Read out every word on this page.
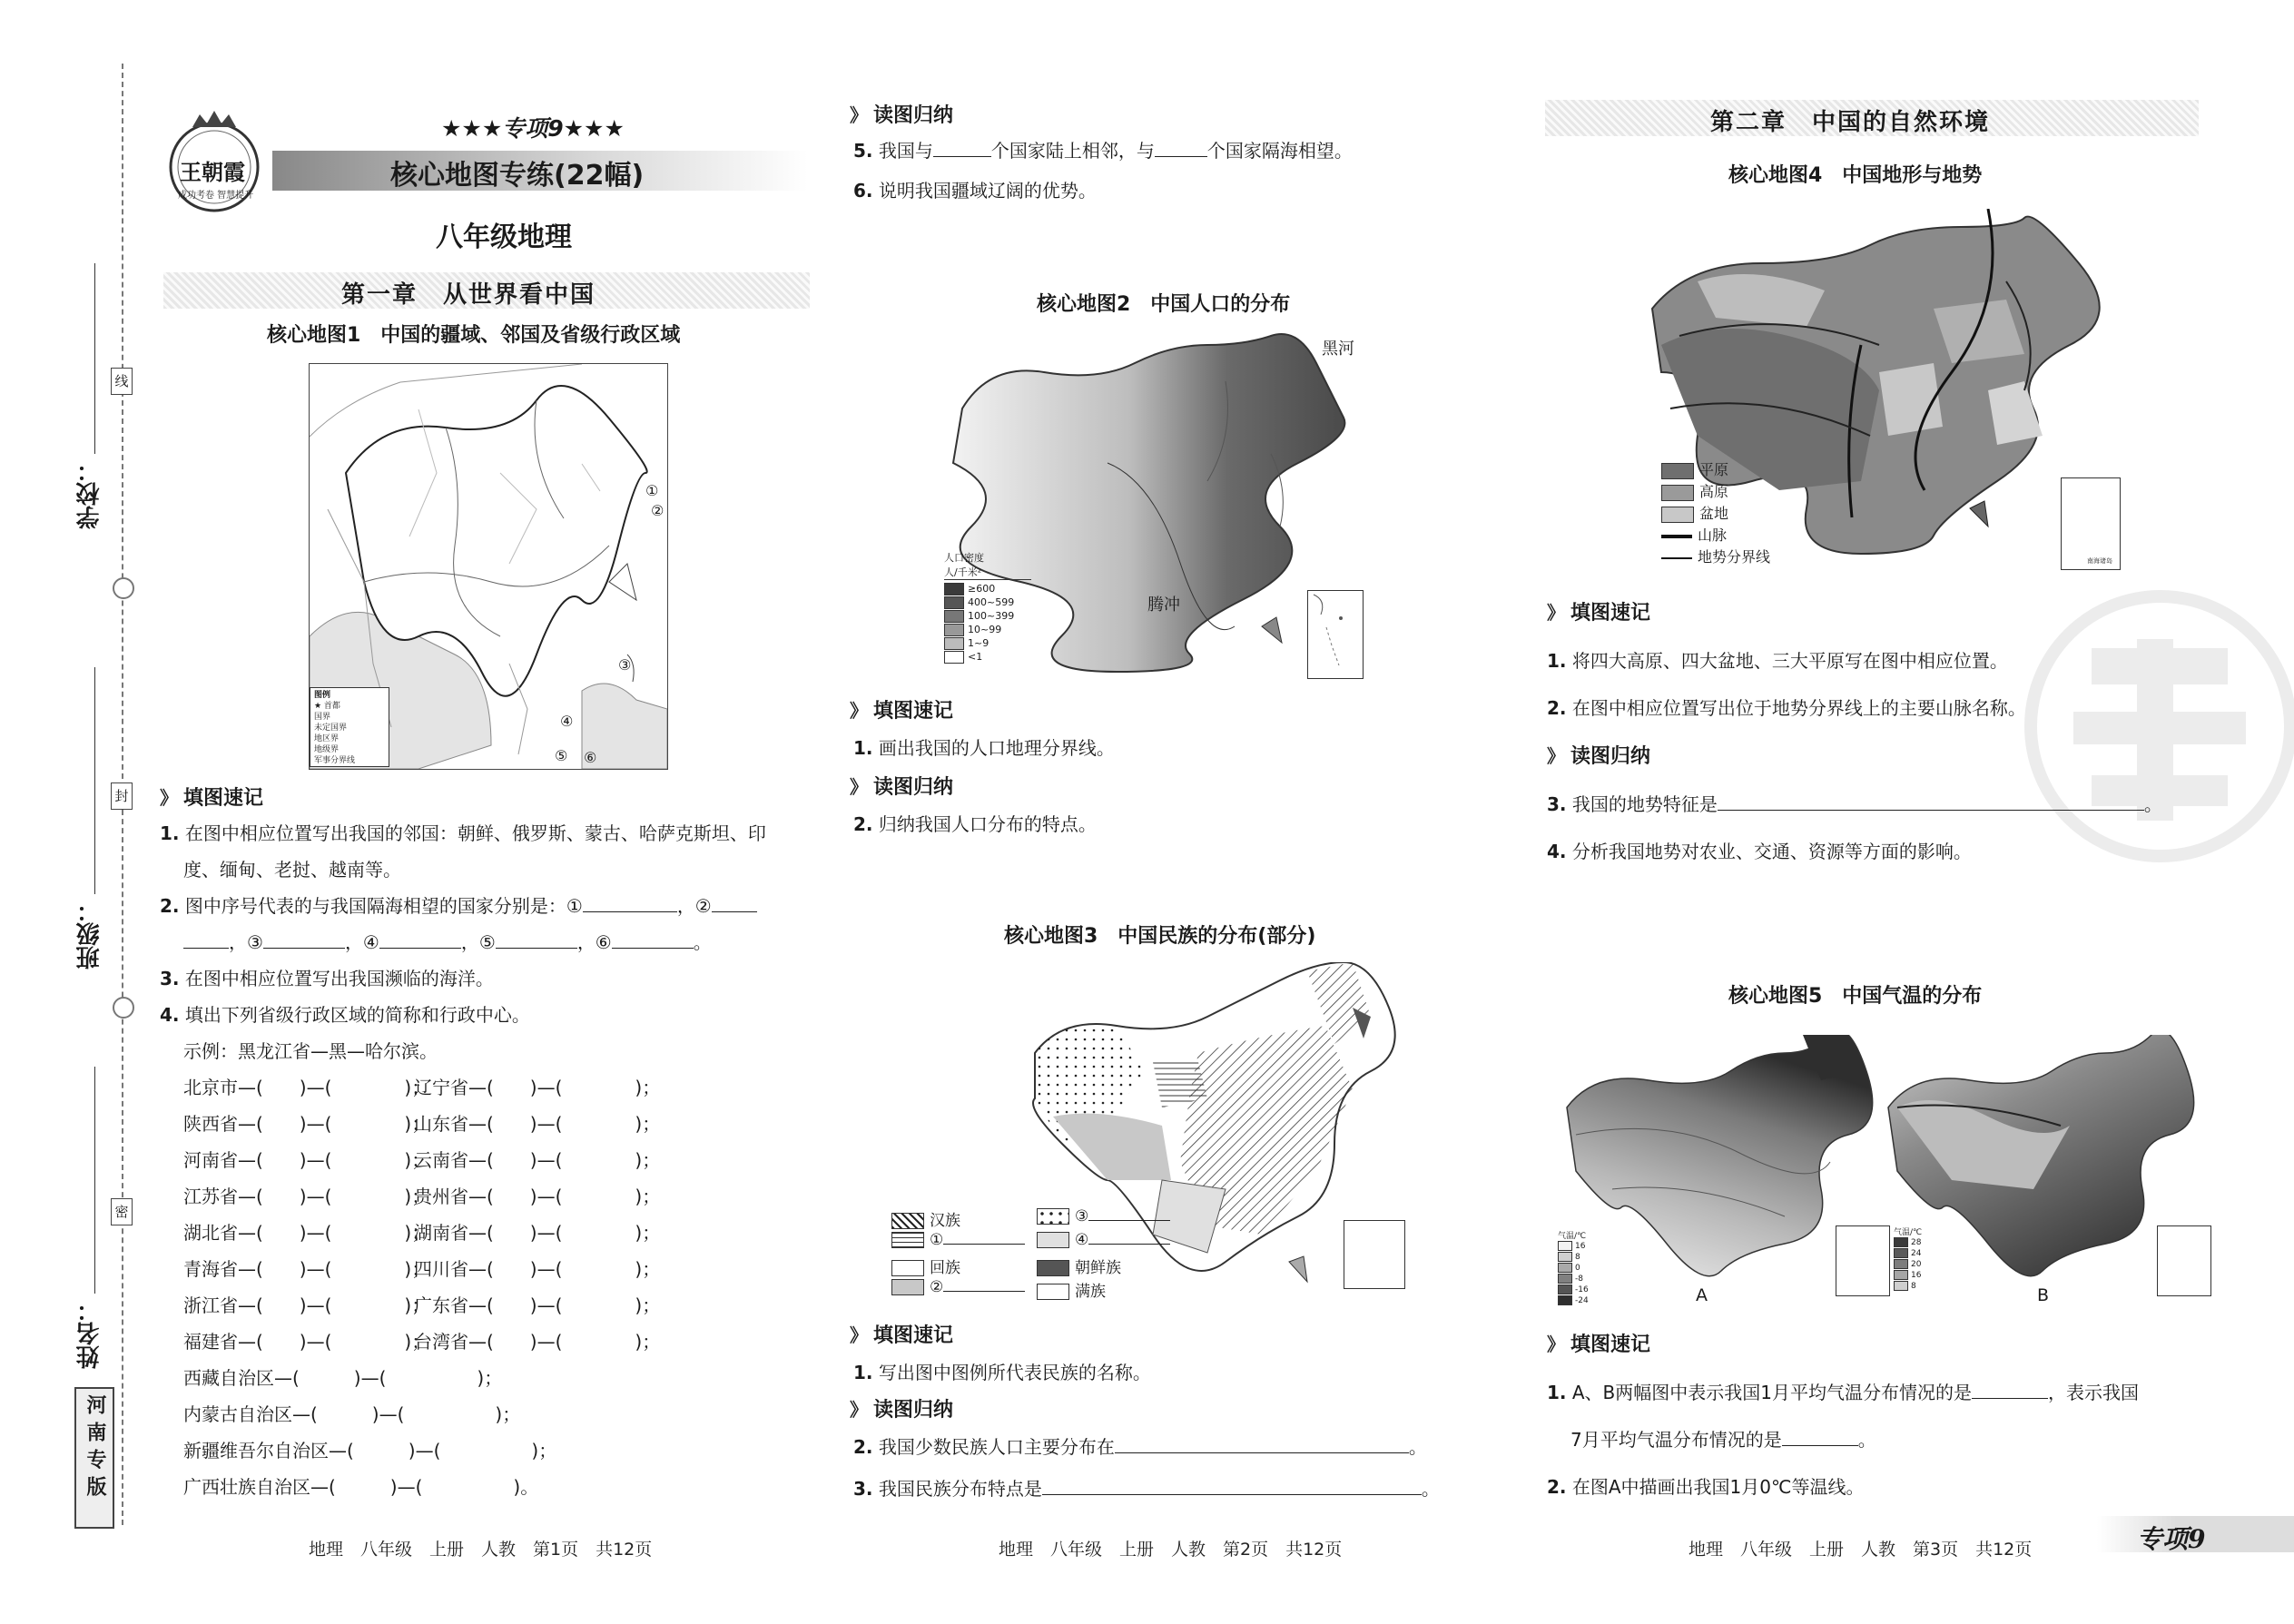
学校：
班级：
姓名：
线
封
密
河南专版
王朝霞
成功考卷 智慧提升
★★★专项9★★★
核心地图专练(22幅)
八年级地理
第一章　从世界看中国
核心地图1　中国的疆域、邻国及省级行政区域
①
②
③
④
⑤ ⑥
图例
★ 首都
国界
未定国界
地区界
地级界
军事分界线
》 填图速记
1. 在图中相应位置写出我国的邻国：朝鲜、俄罗斯、蒙古、哈萨克斯坦、印
度、缅甸、老挝、越南等。
2. 图中序号代表的与我国隔海相望的国家分别是：①	，②
，③	，④	，⑤	，⑥	。
3. 在图中相应位置写出我国濒临的海洋。
4. 填出下列省级行政区域的简称和行政中心。
示例：黑龙江省—黑—哈尔滨。
地理　八年级　上册　人教　第1页　共12页
北京市—(　　)—(　　　　)；
辽宁省—(　　)—(　　　　)；
陕西省—(　　)—(　　　　)；
山东省—(　　)—(　　　　)；
河南省—(　　)—(　　　　)；
云南省—(　　)—(　　　　)；
江苏省—(　　)—(　　　　)；
贵州省—(　　)—(　　　　)；
湖北省—(　　)—(　　　　)；
湖南省—(　　)—(　　　　)；
青海省—(　　)—(　　　　)；
四川省—(　　)—(　　　　)；
浙江省—(　　)—(　　　　)；
广东省—(　　)—(　　　　)；
福建省—(　　)—(　　　　)；
台湾省—(　　)—(　　　　)；
西藏自治区—(　　　)—(　　　　　)；
内蒙古自治区—(　　　)—(　　　　　)；
新疆维吾尔自治区—(　　　)—(　　　　　)；
广西壮族自治区—(　　　)—(　　　　　)。
》 读图归纳
5. 我国与	个国家陆上相邻，与	个国家隔海相望。
6. 说明我国疆域辽阔的优势。
核心地图2　中国人口的分布
黑河
腾冲
人口密度
人/千米²
≥600
400~599
100~399
10~99
1~9
<1
》 填图速记
1. 画出我国的人口地理分界线。
》 读图归纳
2. 归纳我国人口分布的特点。
核心地图3　中国民族的分布(部分)
汉族
①
回族
②
③
④
朝鲜族
满族
》 填图速记
1. 写出图中图例所代表民族的名称。
》 读图归纳
2. 我国少数民族人口主要分布在	。
3. 我国民族分布特点是	。
地理　八年级　上册　人教　第2页　共12页
第二章　中国的自然环境
核心地图4　中国地形与地势
平原
高原
盆地
山脉
地势分界线	南海诸岛
》 填图速记
1. 将四大高原、四大盆地、三大平原写在图中相应位置。
2. 在图中相应位置写出位于地势分界线上的主要山脉名称。
》 读图归纳
3. 我国的地势特征是	。
4. 分析我国地势对农业、交通、资源等方面的影响。
核心地图5　中国气温的分布
气温/℃
16
8
0
-8
-16
-24	A
气温/℃
28
24
20
16
8	B
》 填图速记
1. A、B两幅图中表示我国1月平均气温分布情况的是	，表示我国
7月平均气温分布情况的是	。
2. 在图A中描画出我国1月0℃等温线。
地理　八年级　上册　人教　第3页　共12页	专项9
